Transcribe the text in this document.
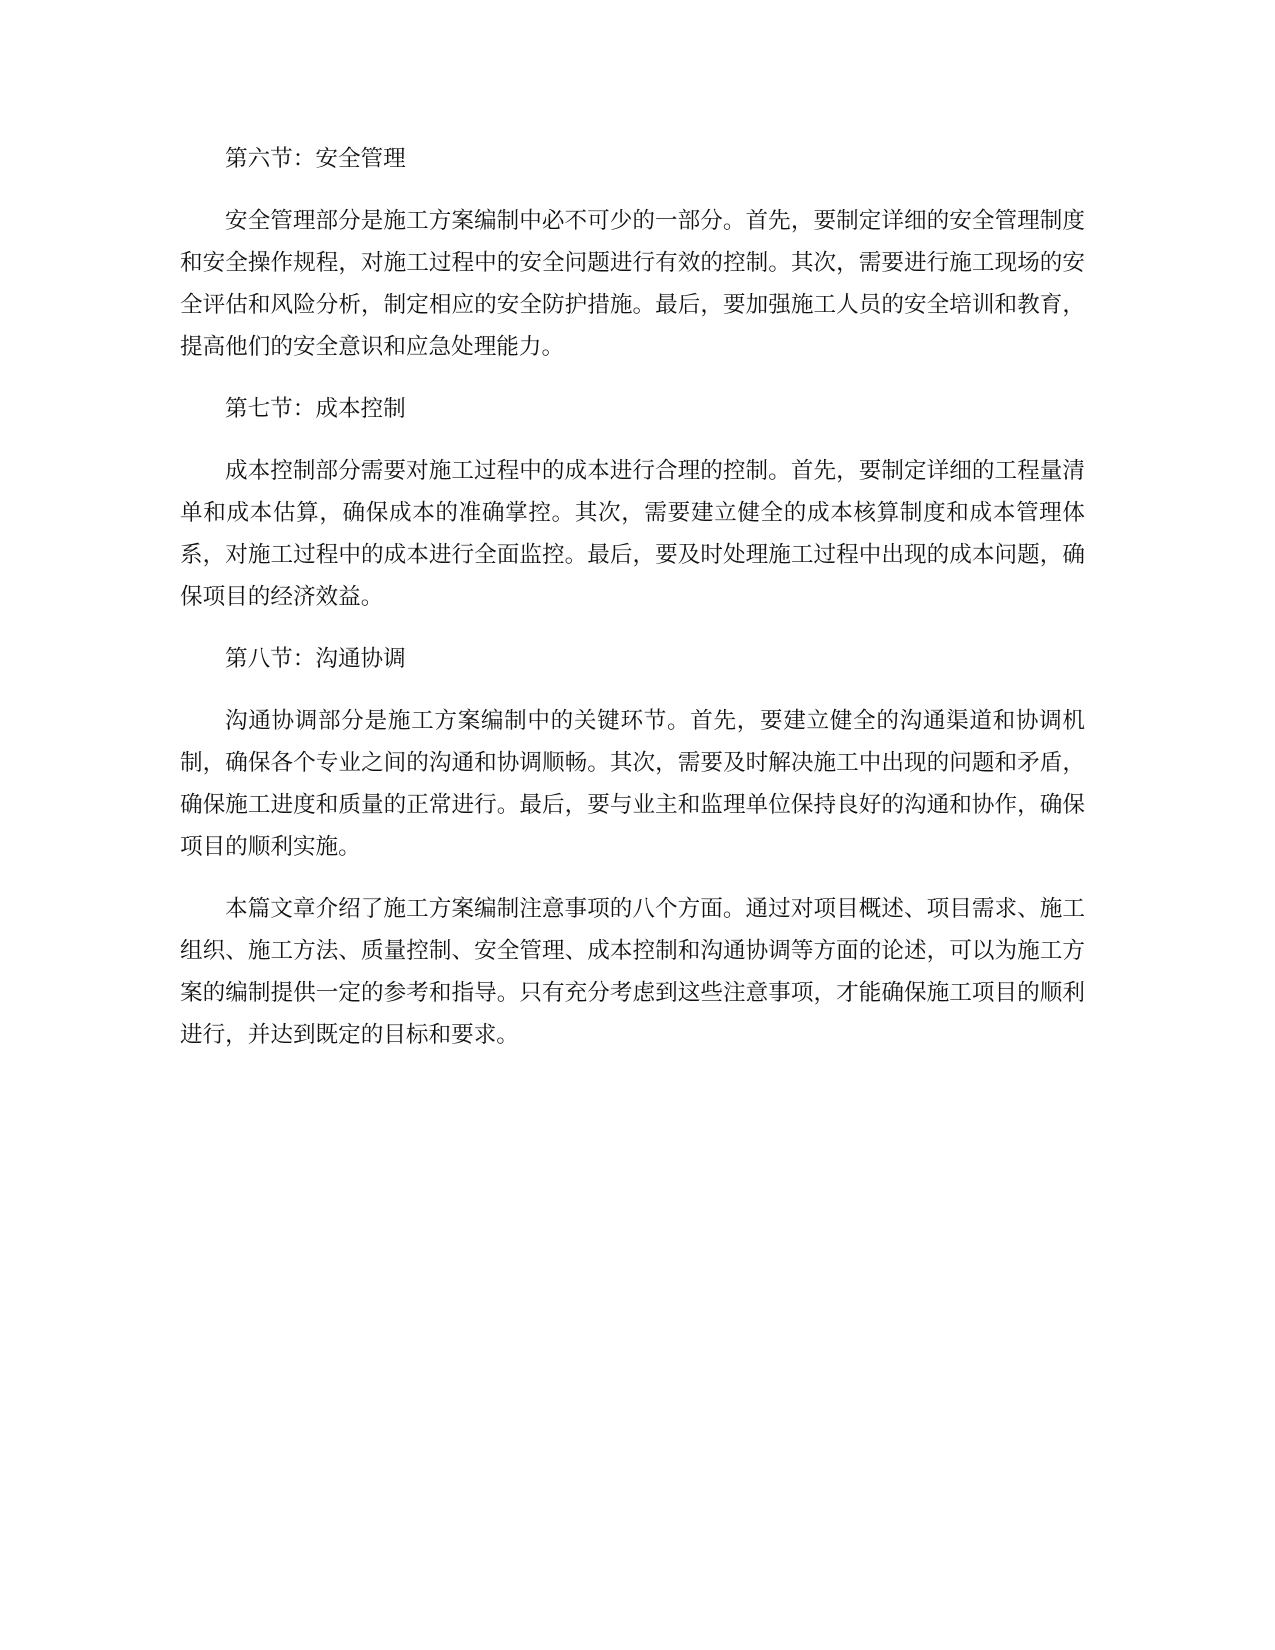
第六节：安全管理
安全管理部分是施工方案编制中必不可少的一部分。首先，要制定详细的安全管理制度和安全操作规程，对施工过程中的安全问题进行有效的控制。其次，需要进行施工现场的安全评估和风险分析，制定相应的安全防护措施。最后，要加强施工人员的安全培训和教育，提高他们的安全意识和应急处理能力。
第七节：成本控制
成本控制部分需要对施工过程中的成本进行合理的控制。首先，要制定详细的工程量清单和成本估算，确保成本的准确掌控。其次，需要建立健全的成本核算制度和成本管理体系，对施工过程中的成本进行全面监控。最后，要及时处理施工过程中出现的成本问题，确保项目的经济效益。
第八节：沟通协调
沟通协调部分是施工方案编制中的关键环节。首先，要建立健全的沟通渠道和协调机制，确保各个专业之间的沟通和协调顺畅。其次，需要及时解决施工中出现的问题和矛盾，确保施工进度和质量的正常进行。最后，要与业主和监理单位保持良好的沟通和协作，确保项目的顺利实施。
本篇文章介绍了施工方案编制注意事项的八个方面。通过对项目概述、项目需求、施工组织、施工方法、质量控制、安全管理、成本控制和沟通协调等方面的论述，可以为施工方案的编制提供一定的参考和指导。只有充分考虑到这些注意事项，才能确保施工项目的顺利进行，并达到既定的目标和要求。
